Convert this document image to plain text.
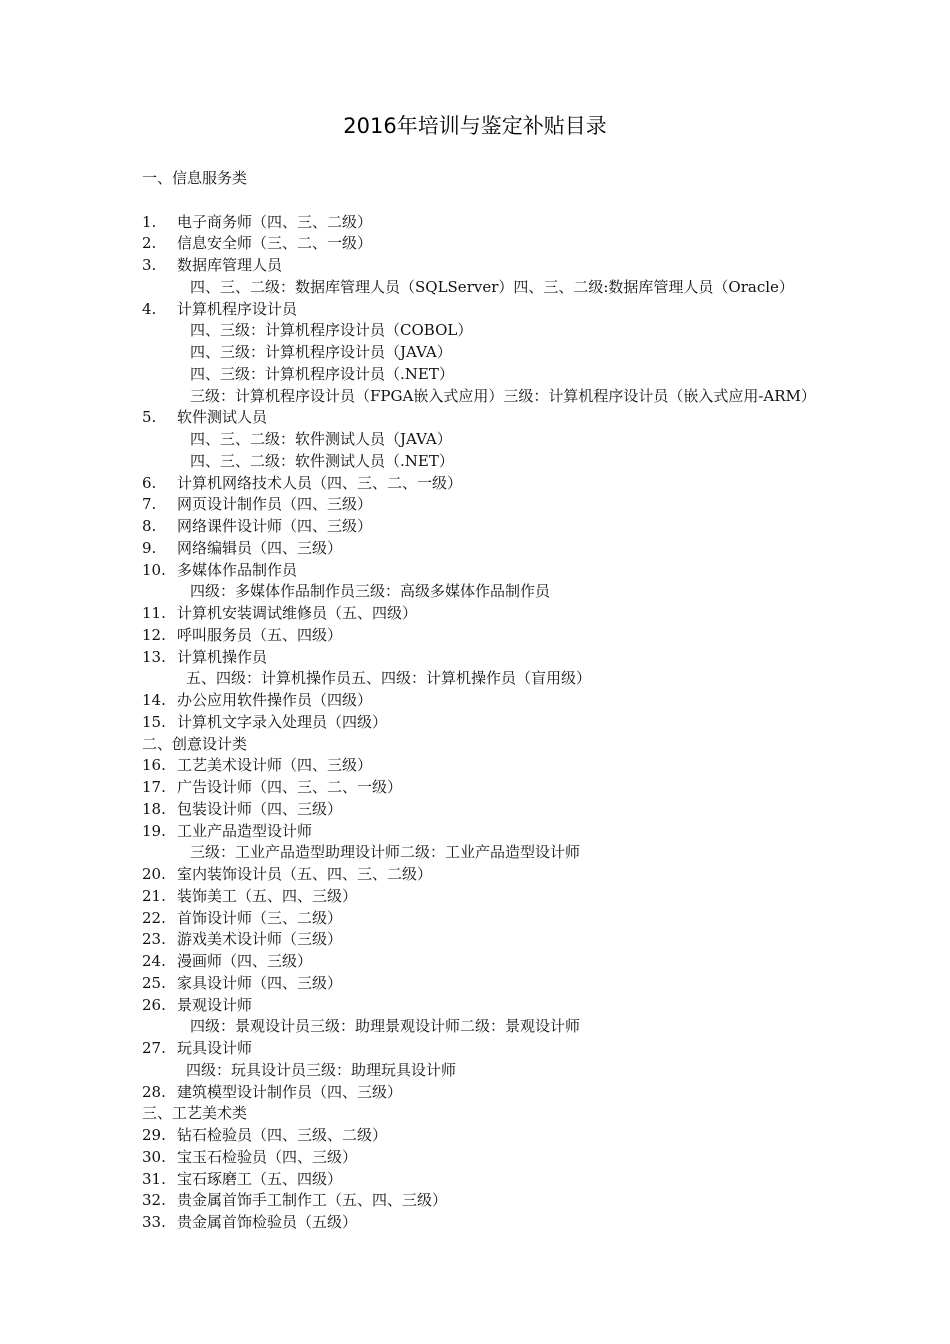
2016年培训与鉴定补贴目录
一、信息服务类
1. 电子商务师（四、三、二级）
2. 信息安全师（三、二、一级）
3. 数据库管理人员
四、三、二级：数据库管理人员（SQLServer）四、三、二级:数据库管理人员（Oracle）
4. 计算机程序设计员
四、三级：计算机程序设计员（COBOL）
四、三级：计算机程序设计员（JAVA）
四、三级：计算机程序设计员（.NET）
三级：计算机程序设计员（FPGA嵌入式应用）三级：计算机程序设计员（嵌入式应用-ARM）
5. 软件测试人员
四、三、二级：软件测试人员（JAVA）
四、三、二级：软件测试人员（.NET）
6. 计算机网络技术人员（四、三、二、一级）
7. 网页设计制作员（四、三级）
8. 网络课件设计师（四、三级）
9. 网络编辑员（四、三级）
10. 多媒体作品制作员
四级：多媒体作品制作员三级：高级多媒体作品制作员
11. 计算机安装调试维修员（五、四级）
12. 呼叫服务员（五、四级）
13. 计算机操作员
五、四级：计算机操作员五、四级：计算机操作员（盲用级）
14. 办公应用软件操作员（四级）
15. 计算机文字录入处理员（四级）
二、创意设计类
16. 工艺美术设计师（四、三级）
17. 广告设计师（四、三、二、一级）
18. 包装设计师（四、三级）
19. 工业产品造型设计师
三级：工业产品造型助理设计师二级：工业产品造型设计师
20. 室内装饰设计员（五、四、三、二级）
21. 装饰美工（五、四、三级）
22. 首饰设计师（三、二级）
23. 游戏美术设计师（三级）
24. 漫画师（四、三级）
25. 家具设计师（四、三级）
26. 景观设计师
四级：景观设计员三级：助理景观设计师二级：景观设计师
27. 玩具设计师
四级：玩具设计员三级：助理玩具设计师
28. 建筑模型设计制作员（四、三级）
三、工艺美术类
29. 钻石检验员（四、三级、二级）
30. 宝玉石检验员（四、三级）
31. 宝石琢磨工（五、四级）
32. 贵金属首饰手工制作工（五、四、三级）
33. 贵金属首饰检验员（五级）
